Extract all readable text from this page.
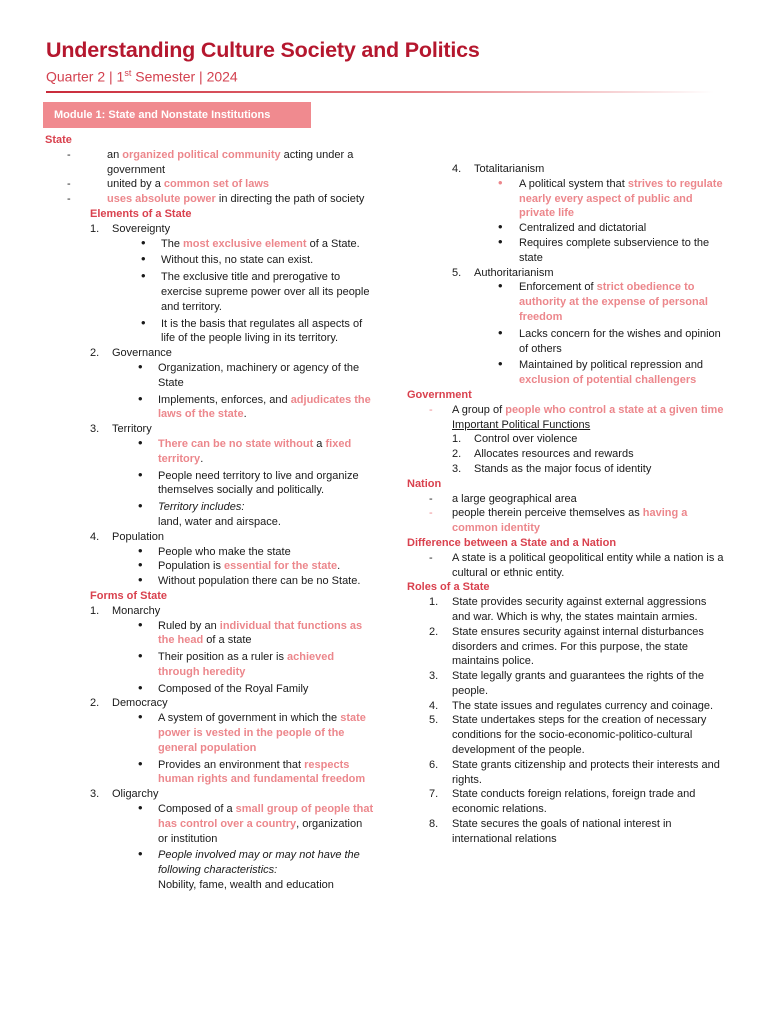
Understanding Culture Society and Politics
Quarter 2 | 1st Semester | 2024
Module 1: State and Nonstate Institutions
State
-	an organized political community acting under a government
-	united by a common set of laws
-	uses absolute power in directing the path of society
Elements of a State
1. Sovereignty
• The most exclusive element of a State.
• Without this, no state can exist.
• The exclusive title and prerogative to exercise supreme power over all its people and territory.
• It is the basis that regulates all aspects of life of the people living in its territory.
2. Governance
• Organization, machinery or agency of the State
• Implements, enforces, and adjudicates the laws of the state.
3. Territory
• There can be no state without a fixed territory.
• People need territory to live and organize themselves socially and politically.
• Territory includes:
land, water and airspace.
4. Population
• People who make the state
• Population is essential for the state.
• Without population there can be no State.
Forms of State
1. Monarchy
• Ruled by an individual that functions as the head of a state
• Their position as a ruler is achieved through heredity
• Composed of the Royal Family
2. Democracy
• A system of government in which the state power is vested in the people of the general population
• Provides an environment that respects human rights and fundamental freedom
3. Oligarchy
• Composed of a small group of people that has control over a country, organization or institution
• People involved may or may not have the following characteristics:
Nobility, fame, wealth and education
4. Totalitarianism
• A political system that strives to regulate nearly every aspect of public and private life
• Centralized and dictatorial
• Requires complete subservience to the state
5. Authoritarianism
• Enforcement of strict obedience to authority at the expense of personal freedom
• Lacks concern for the wishes and opinion of others
• Maintained by political repression and exclusion of potential challengers
Government
- A group of people who control a state at a given time
Important Political Functions
1. Control over violence
2. Allocates resources and rewards
3. Stands as the major focus of identity
Nation
- a large geographical area
- people therein perceive themselves as having a common identity
Difference between a State and a Nation
- A state is a political geopolitical entity while a nation is a cultural or ethnic entity.
Roles of a State
1. State provides security against external aggressions and war. Which is why, the states maintain armies.
2. State ensures security against internal disturbances disorders and crimes. For this purpose, the state maintains police.
3. State legally grants and guarantees the rights of the people.
4. The state issues and regulates currency and coinage.
5. State undertakes steps for the creation of necessary conditions for the socio-economic-politico-cultural development of the people.
6. State grants citizenship and protects their interests and rights.
7. State conducts foreign relations, foreign trade and economic relations.
8. State secures the goals of national interest in international relations
